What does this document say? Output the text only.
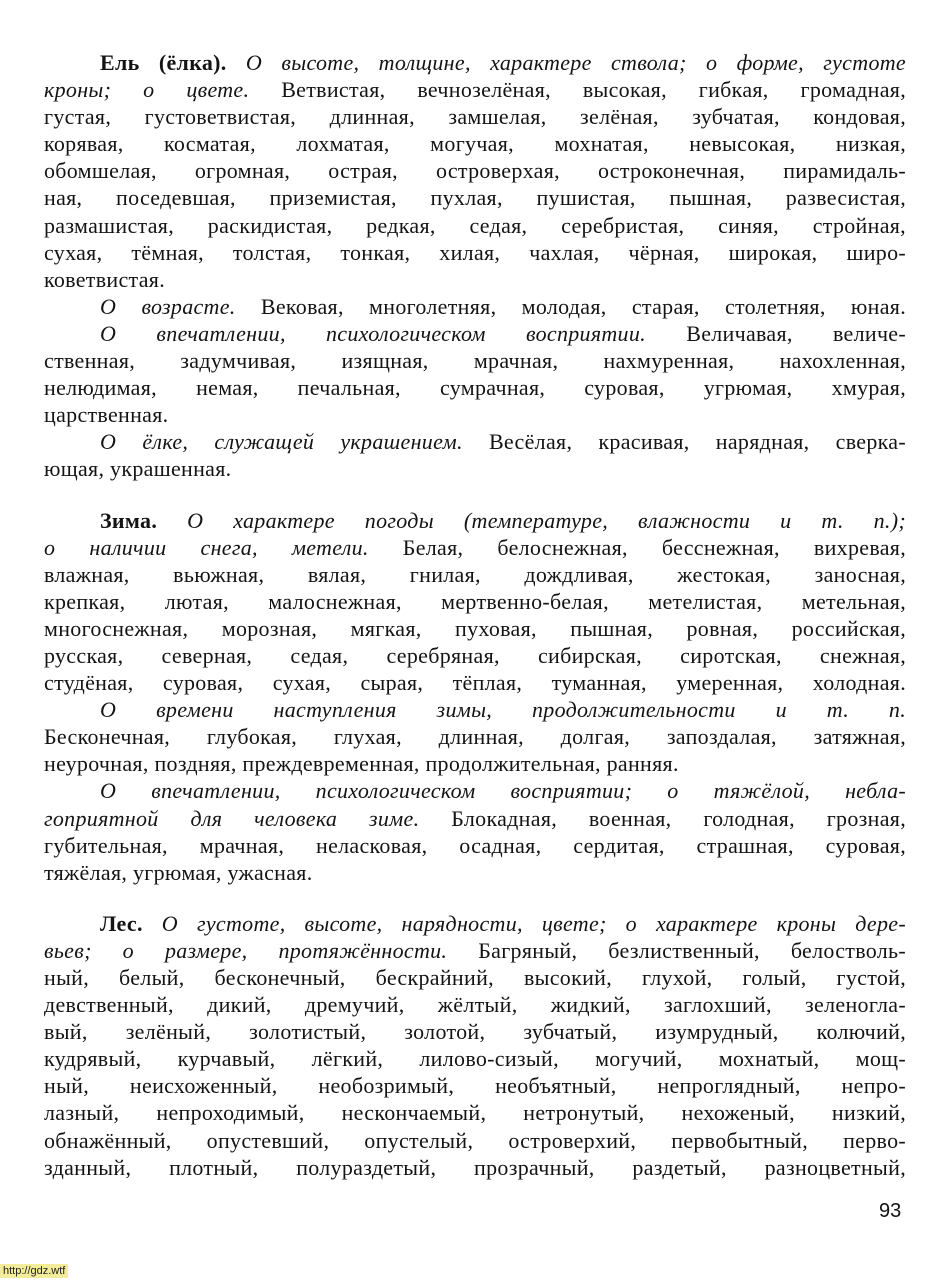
Ель (ёлка). О высоте, толщине, характере ствола; о форме, густоте
кроны; о цвете. Ветвистая, вечнозелёная, высокая, гибкая, громадная,
густая, густоветвистая, длинная, замшелая, зелёная, зубчатая, кондовая,
корявая, косматая, лохматая, могучая, мохнатая, невысокая, низкая,
обомшелая, огромная, острая, островерхая, остроконечная, пирамидаль-
ная, поседевшая, приземистая, пухлая, пушистая, пышная, развесистая,
размашистая, раскидистая, редкая, седая, серебристая, синяя, стройная,
сухая, тёмная, толстая, тонкая, хилая, чахлая, чёрная, широкая, широ-
коветвистая.
О возрасте. Вековая, многолетняя, молодая, старая, столетняя, юная.
О впечатлении, психологическом восприятии. Величавая, величе-
ственная, задумчивая, изящная, мрачная, нахмуренная, нахохленная,
нелюдимая, немая, печальная, сумрачная, суровая, угрюмая, хмурая,
царственная.
О ёлке, служащей украшением. Весёлая, красивая, нарядная, сверка-
ющая, украшенная.
Зима. О характере погоды (температуре, влажности и т. п.);
о наличии снега, метели. Белая, белоснежная, бесснежная, вихревая,
влажная, вьюжная, вялая, гнилая, дождливая, жестокая, заносная,
крепкая, лютая, малоснежная, мертвенно-белая, метелистая, метельная,
многоснежная, морозная, мягкая, пуховая, пышная, ровная, российская,
русская, северная, седая, серебряная, сибирская, сиротская, снежная,
студёная, суровая, сухая, сырая, тёплая, туманная, умеренная, холодная.
О времени наступления зимы, продолжительности и т. п.
Бесконечная, глубокая, глухая, длинная, долгая, запоздалая, затяжная,
неурочная, поздняя, преждевременная, продолжительная, ранняя.
О впечатлении, психологическом восприятии; о тяжёлой, небла-
гоприятной для человека зиме. Блокадная, военная, голодная, грозная,
губительная, мрачная, неласковая, осадная, сердитая, страшная, суровая,
тяжёлая, угрюмая, ужасная.
Лес. О густоте, высоте, нарядности, цвете; о характере кроны дере-
вьев; о размере, протяжённости. Багряный, безлиственный, белостволь-
ный, белый, бесконечный, бескрайний, высокий, глухой, голый, густой,
девственный, дикий, дремучий, жёлтый, жидкий, заглохший, зеленогла-
вый, зелёный, золотистый, золотой, зубчатый, изумрудный, колючий,
кудрявый, курчавый, лёгкий, лилово-сизый, могучий, мохнатый, мощ-
ный, неисхоженный, необозримый, необъятный, непроглядный, непро-
лазный, непроходимый, нескончаемый, нетронутый, нехоженый, низкий,
обнажённый, опустевший, опустелый, островерхий, первобытный, перво-
зданный, плотный, полураздетый, прозрачный, раздетый, разноцветный,
93
http://gdz.wtf
